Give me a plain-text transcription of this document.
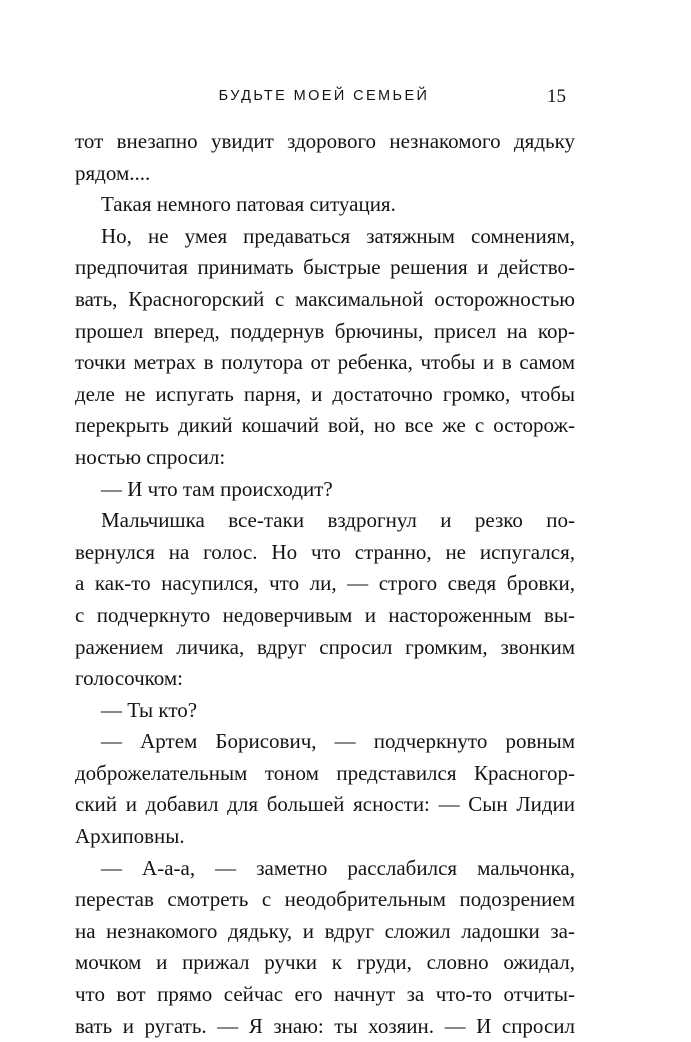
БУДЬТЕ МОЕЙ СЕМЬЕЙ	15
тот внезапно увидит здорового незнакомого дядьку
рядом....
Такая немного патовая ситуация.
Но, не умея предаваться затяжным сомнениям,
предпочитая принимать быстрые решения и действо-
вать, Красногорский с максимальной осторожностью
прошел вперед, поддернув брючины, присел на кор-
точки метрах в полутора от ребенка, чтобы и в самом
деле не испугать парня, и достаточно громко, чтобы
перекрыть дикий кошачий вой, но все же с осторож-
ностью спросил:
— И что там происходит?
Мальчишка все-таки вздрогнул и резко по-
вернулся на голос. Но что странно, не испугался,
а как-то насупился, что ли, — строго сведя бровки,
с подчеркнуто недоверчивым и настороженным вы-
ражением личика, вдруг спросил громким, звонким
голосочком:
— Ты кто?
— Артем Борисович, — подчеркнуто ровным
доброжелательным тоном представился Красногор-
ский и добавил для большей ясности: — Сын Лидии
Архиповны.
— А-а-а, — заметно расслабился мальчонка,
перестав смотреть с неодобрительным подозрением
на незнакомого дядьку, и вдруг сложил ладошки за-
мочком и прижал ручки к груди, словно ожидал,
что вот прямо сейчас его начнут за что-то отчиты-
вать и ругать. — Я знаю: ты хозяин. — И спросил
